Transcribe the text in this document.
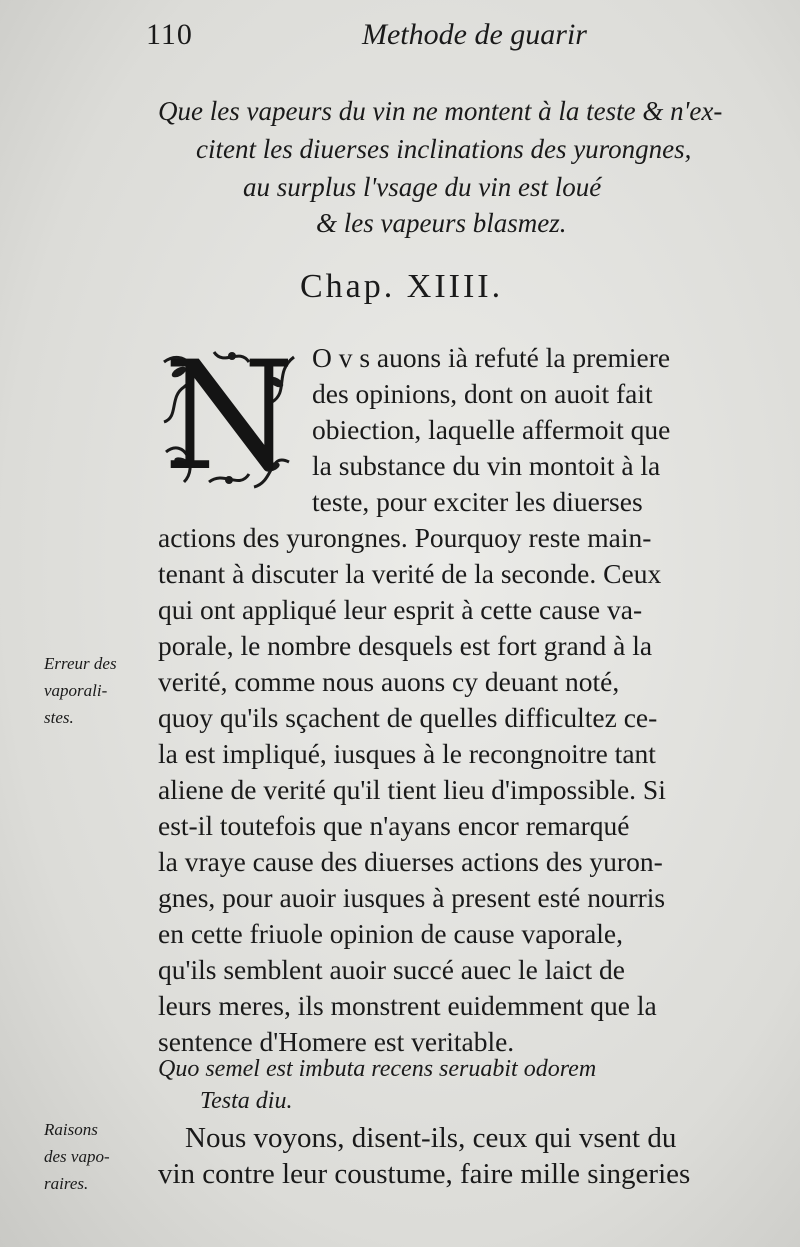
110	Methode de guarir
Que les vapeurs du vin ne montent à la teste & n'ex-
citent les diuerses inclinations des yurongnes,
au surplus l'vsage du vin est loué
& les vapeurs blasmez.
Chap. XIIII.
N O v s auons ià refuté la premiere
des opinions, dont on auoit fait
obiection, laquelle affermoit que
la substance du vin montoit à la
teste, pour exciter les diuerses
actions des yurongnes. Pourquoy reste main-
tenant à discuter la verité de la seconde. Ceux
qui ont appliqué leur esprit à cette cause va-
porale, le nombre desquels est fort grand à la
verité, comme nous auons cy deuant noté,
quoy qu'ils sçachent de quelles difficultez ce-
la est impliqué, iusques à le recongnoitre tant
aliene de verité qu'il tient lieu d'impossible. Si
est-il toutefois que n'ayans encor remarqué
la vraye cause des diuerses actions des yuron-
gnes, pour auoir iusques à present esté nourris
en cette friuole opinion de cause vaporale,
qu'ils semblent auoir succé auec le laict de
leurs meres, ils monstrent euidemment que la
sentence d'Homere est veritable.
Quo semel est imbuta recens seruabit odorem
Testa diu.
Nous voyons, disent-ils, ceux qui vsent du
vin contre leur coustume, faire mille singeries
Erreur des
vaporali-
stes.
Raisons
des vapo-
raires.
